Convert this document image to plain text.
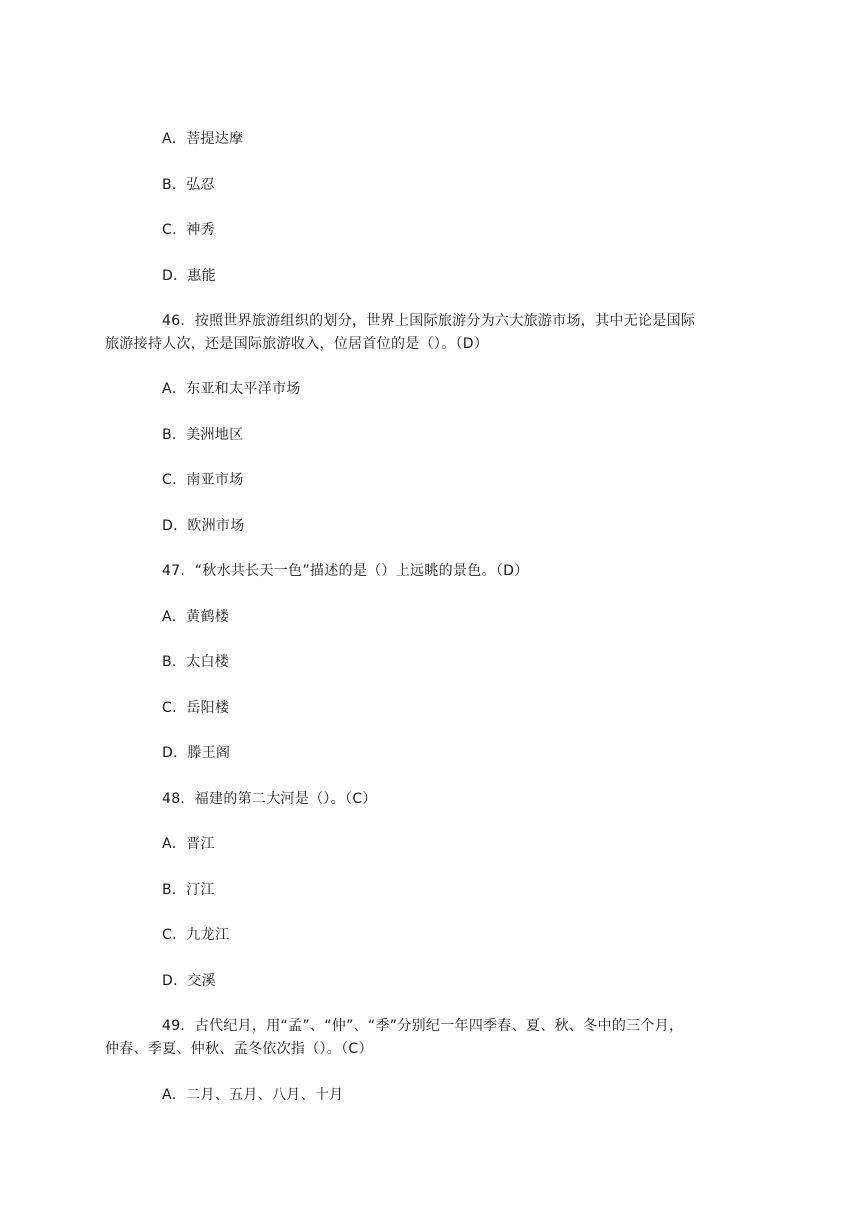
A．菩提达摩
B．弘忍
C．神秀
D．惠能
46．按照世界旅游组织的划分，世界上国际旅游分为六大旅游市场，其中无论是国际
旅游接持人次，还是国际旅游收入，位居首位的是（）。（D）
A．东亚和太平洋市场
B．美洲地区
C．南亚市场
D．欧洲市场
47．“秋水共长天一色”描述的是（）上远眺的景色。（D）
A．黄鹤楼
B．太白楼
C．岳阳楼
D．滕王阁
48．福建的第二大河是（）。（C）
A．晋江
B．汀江
C．九龙江
D．交溪
49．古代纪月，用“孟”、“仲”、“季”分别纪一年四季春、夏、秋、冬中的三个月，
仲春、季夏、仲秋、孟冬依次指（）。（C）
A．二月、五月、八月、十月
